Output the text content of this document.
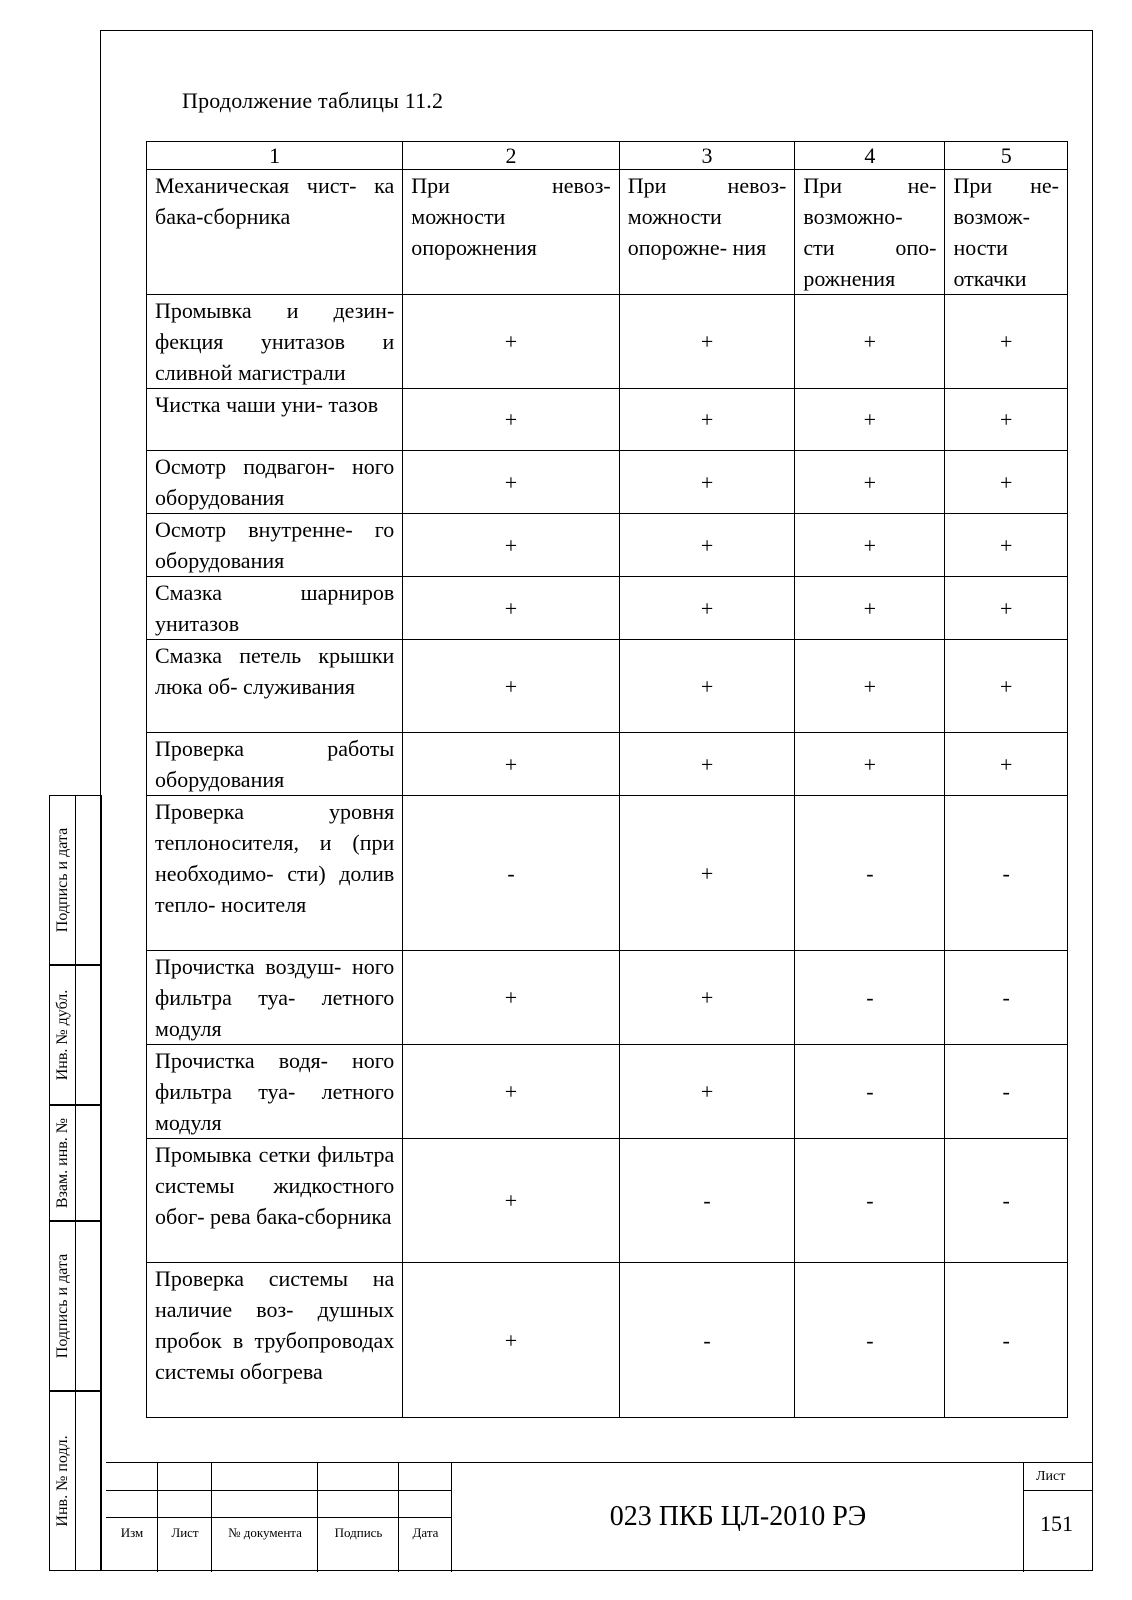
Продолжение таблицы 11.2
1	2	3	4	5
Механическая чист- ка бака-сборника	При невоз- можности опорожнения	При невоз- можности опорожне- ния	При не- возможно- сти опо- рожнения	При не- возмож- ности откачки
Промывка и дезин- фекция унитазов и сливной магистрали	+	+	+	+
Чистка чаши уни- тазов	+	+	+	+
Осмотр подвагон- ного оборудования	+	+	+	+
Осмотр внутренне- го оборудования	+	+	+	+
Смазка шарниров унитазов	+	+	+	+
Смазка петель крышки люка об- служивания	+	+	+	+
Проверка работы оборудования	+	+	+	+
Проверка уровня теплоносителя, и (при необходимо- сти) долив тепло- носителя	-	+	-	-
Прочистка воздуш- ного фильтра туа- летного модуля	+	+	-	-
Прочистка водя- ного фильтра туа- летного модуля	+	+	-	-
Промывка сетки фильтра системы жидкостного обог- рева бака-сборника	+	-	-	-
Проверка системы на наличие воз- душных пробок в трубопроводах системы обогрева	+	-	-	-
Подпись и дата
Инв. № дубл.
Взам. инв. №
Подпись и дата
Инв. № подл.
Изм	Лист	№ документа	Подпись	Дата
023 ПКБ ЦЛ-2010 РЭ
Лист
151
